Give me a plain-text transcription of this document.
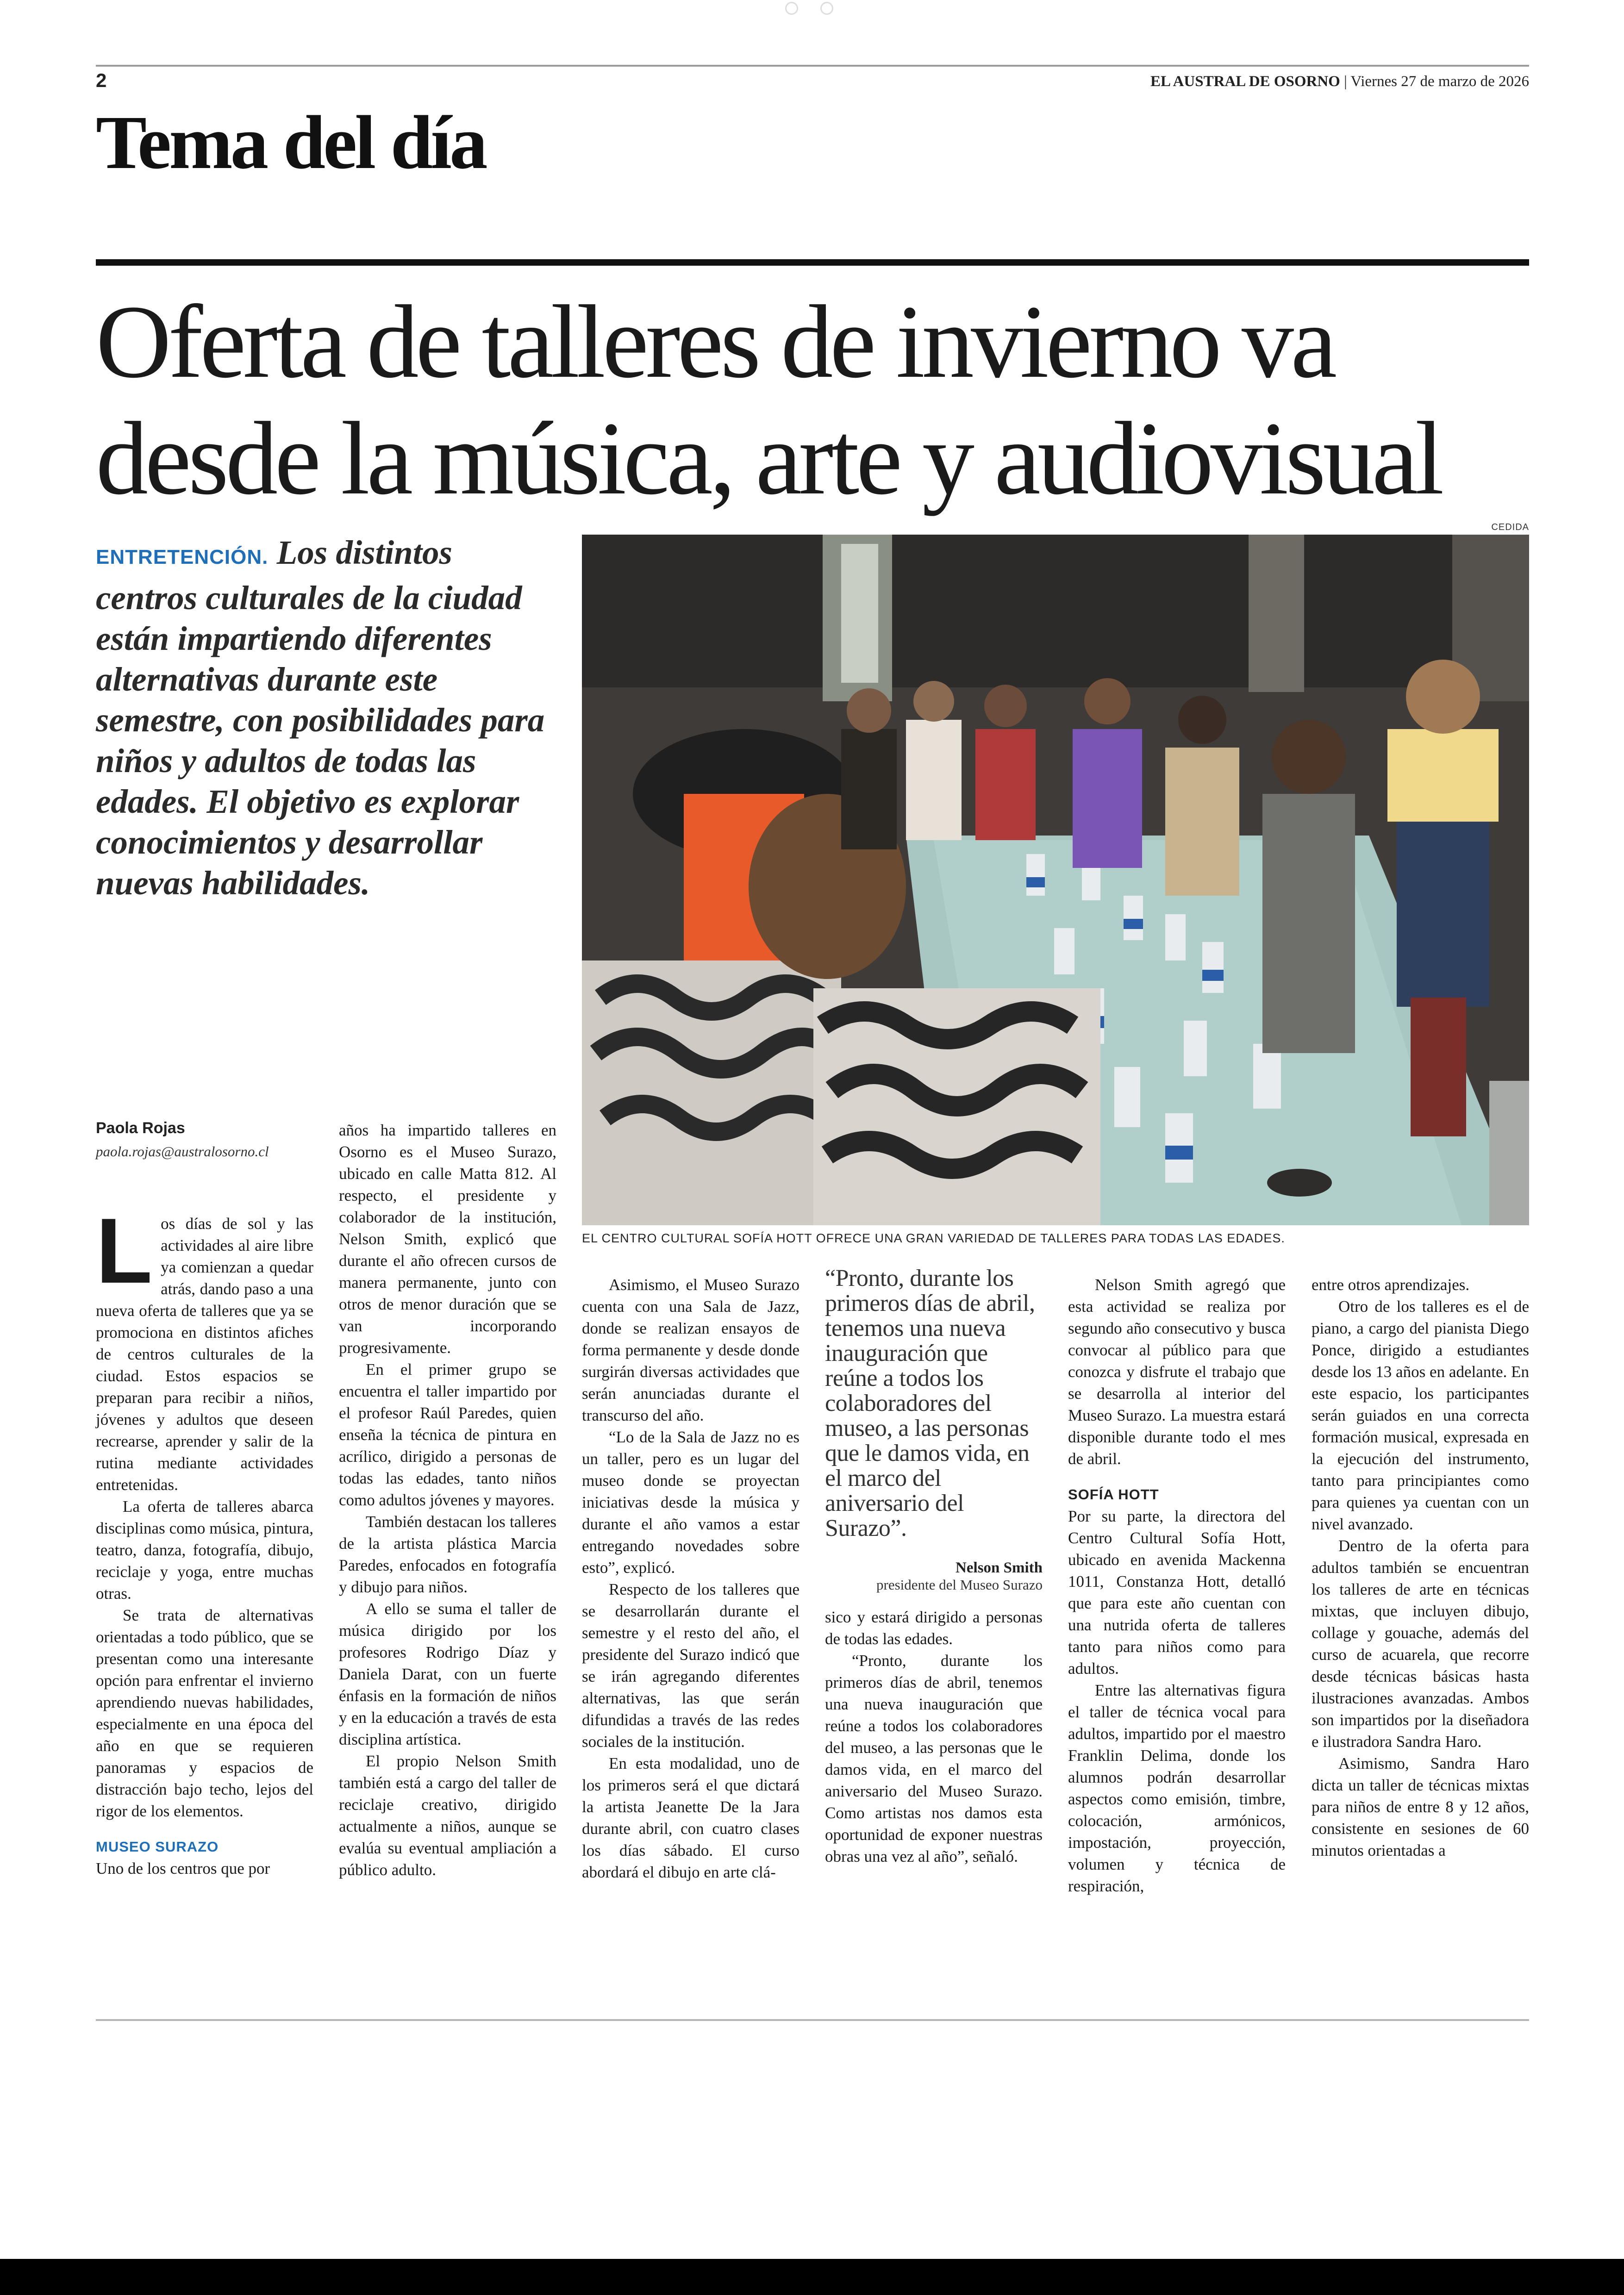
2	EL AUSTRAL DE OSORNO | Viernes 27 de marzo de 2026
Tema del día
Oferta de talleres de invierno va desde la música, arte y audiovisual
CEDIDA

ENTRETENCIÓN. Los distintos centros culturales de la ciudad están impartiendo diferentes alternativas durante este semestre, con posibilidades para niños y adultos de todas las edades. El objetivo es explorar conocimientos y desarrollar nuevas habilidades.

EL CENTRO CULTURAL SOFÍA HOTT OFRECE UNA GRAN VARIEDAD DE TALLERES PARA TODAS LAS EDADES.
Paola Rojas
paola.rojas@australosorno.cl

Los días de sol y las actividades al aire libre ya comienzan a quedar atrás, dando paso a una nueva oferta de talleres que ya se promociona en distintos afiches de centros culturales de la ciudad. Estos espacios se preparan para recibir a niños, jóvenes y adultos que deseen recrearse, aprender y salir de la rutina mediante actividades entretenidas.

La oferta de talleres abarca disciplinas como música, pintura, teatro, danza, fotografía, dibujo, reciclaje y yoga, entre muchas otras.

Se trata de alternativas orientadas a todo público, que se presentan como una interesante opción para enfrentar el invierno aprendiendo nuevas habilidades, especialmente en una época del año en que se requieren panoramas y espacios de distracción bajo techo, lejos del rigor de los elementos.

MUSEO SURAZO

Uno de los centros que por

años ha impartido talleres en Osorno es el Museo Surazo, ubicado en calle Matta 812. Al respecto, el presidente y colaborador de la institución, Nelson Smith, explicó que durante el año ofrecen cursos de manera permanente, junto con otros de menor duración que se van incorporando progresivamente.

En el primer grupo se encuentra el taller impartido por el profesor Raúl Paredes, quien enseña la técnica de pintura en acrílico, dirigido a personas de todas las edades, tanto niños como adultos jóvenes y mayores.

También destacan los talleres de la artista plástica Marcia Paredes, enfocados en fotografía y dibujo para niños.

A ello se suma el taller de música dirigido por los profesores Rodrigo Díaz y Daniela Darat, con un fuerte énfasis en la formación de niños y en la educación a través de esta disciplina artística.

El propio Nelson Smith también está a cargo del taller de reciclaje creativo, dirigido actualmente a niños, aunque se evalúa su eventual ampliación a público adulto.

Asimismo, el Museo Surazo cuenta con una Sala de Jazz, donde se realizan ensayos de forma permanente y desde donde surgirán diversas actividades que serán anunciadas durante el transcurso del año.

“Lo de la Sala de Jazz no es un taller, pero es un lugar del museo donde se proyectan iniciativas desde la música y durante el año vamos a estar entregando novedades sobre esto”, explicó.

Respecto de los talleres que se desarrollarán durante el semestre y el resto del año, el presidente del Surazo indicó que se irán agregando diferentes alternativas, las que serán difundidas a través de las redes sociales de la institución.

En esta modalidad, uno de los primeros será el que dictará la artista Jeanette De la Jara durante abril, con cuatro clases los días sábado. El curso abordará el dibujo en arte clá-

“Pronto, durante los primeros días de abril, tenemos una nueva inauguración que reúne a todos los colaboradores del museo, a las personas que le damos vida, en el marco del aniversario del Surazo”.

Nelson Smith
presidente del Museo Surazo

sico y estará dirigido a personas de todas las edades.

“Pronto, durante los primeros días de abril, tenemos una nueva inauguración que reúne a todos los colaboradores del museo, a las personas que le damos vida, en el marco del aniversario del Museo Surazo. Como artistas nos damos esta oportunidad de exponer nuestras obras una vez al año”, señaló.

Nelson Smith agregó que esta actividad se realiza por segundo año consecutivo y busca convocar al público para que conozca y disfrute el trabajo que se desarrolla al interior del Museo Surazo. La muestra estará disponible durante todo el mes de abril.

SOFÍA HOTT

Por su parte, la directora del Centro Cultural Sofía Hott, ubicado en avenida Mackenna 1011, Constanza Hott, detalló que para este año cuentan con una nutrida oferta de talleres tanto para niños como para adultos.

Entre las alternativas figura el taller de técnica vocal para adultos, impartido por el maestro Franklin Delima, donde los alumnos podrán desarrollar aspectos como emisión, timbre, colocación, armónicos, impostación, proyección, volumen y técnica de respiración,

entre otros aprendizajes.

Otro de los talleres es el de piano, a cargo del pianista Diego Ponce, dirigido a estudiantes desde los 13 años en adelante. En este espacio, los participantes serán guiados en una correcta formación musical, expresada en la ejecución del instrumento, tanto para principiantes como para quienes ya cuentan con un nivel avanzado.

Dentro de la oferta para adultos también se encuentran los talleres de arte en técnicas mixtas, que incluyen dibujo, collage y gouache, además del curso de acuarela, que recorre desde técnicas básicas hasta ilustraciones avanzadas. Ambos son impartidos por la diseñadora e ilustradora Sandra Haro.

Asimismo, Sandra Haro dicta un taller de técnicas mixtas para niños de entre 8 y 12 años, consistente en sesiones de 60 minutos orientadas a
